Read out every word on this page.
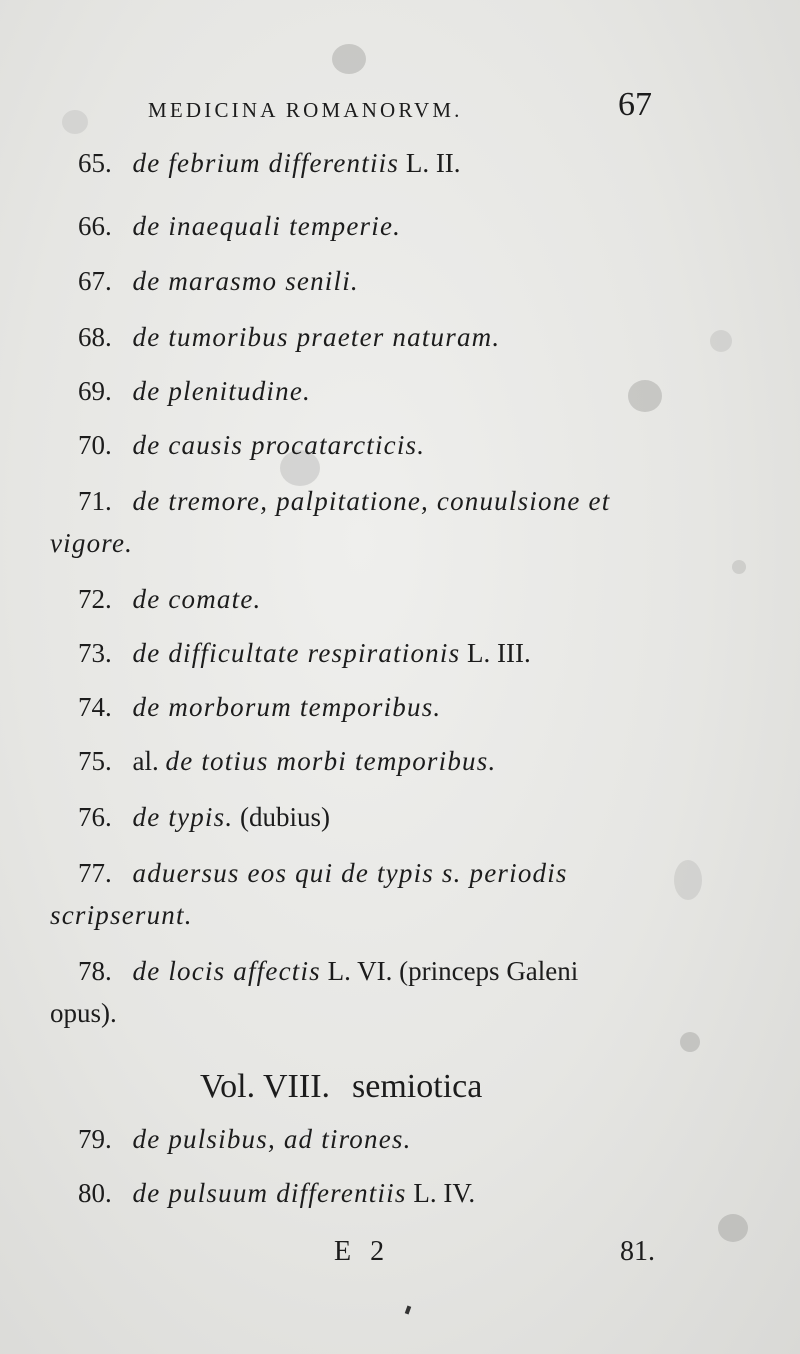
MEDICINA ROMANORVM.	67
65. de febrium differentiis L. II.
66. de inaequali temperie.
67. de marasmo senili.
68. de tumoribus praeter naturam.
69. de plenitudine.
70. de causis procatarcticis.
71. de tremore, palpitatione, conuulsione et
vigore.
72. de comate.
73. de difficultate respirationis L. III.
74. de morborum temporibus.
75. al. de totius morbi temporibus.
76. de typis. (dubius)
77. aduersus eos qui de typis s. periodis
scripserunt.
78. de locis affectis L. VI. (princeps Galeni
opus).
Vol. VIII. semiotica
79. de pulsibus, ad tirones.
80. de pulsuum differentiis L. IV.
E 2	81.
